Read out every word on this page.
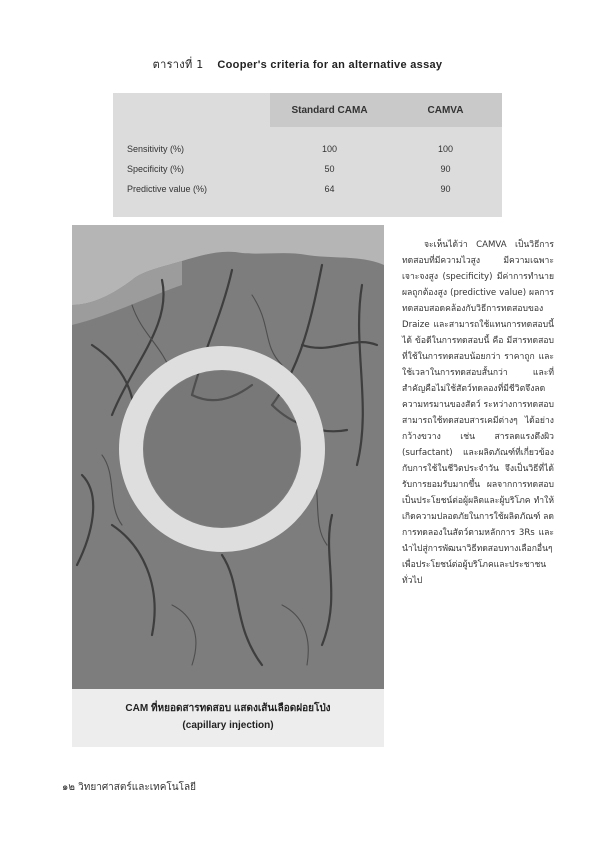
ตารางที่ 1 Cooper's criteria for an alternative assay
	Standard CAMA	CAMVA

Sensitivity (%)	100	100
Specificity (%)	50	90
Predictive value (%)	64	90

CAM ที่หยอดสารทดสอบ แสดงเส้นเลือดฝอยโป่ง
(capillary injection)
จะเห็นได้ว่า CAMVA เป็นวิธีการทดสอบที่มีความไวสูง มีความเฉพาะเจาะจงสูง (specificity) มีค่าการทำนายผลถูกต้องสูง (predictive value) ผลการทดสอบสอดคล้องกับวิธีการทดสอบของ Draize และสามารถใช้แทนการทดสอบนี้ได้ ข้อดีในการทดสอบนี้ คือ มีสารทดสอบที่ใช้ในการทดสอบน้อยกว่า ราคาถูก และใช้เวลาในการทดสอบสั้นกว่า และที่สำคัญคือไม่ใช้สัตว์ทดลองที่มีชีวิตจึงลดความทรมานของสัตว์ ระหว่างการทดสอบ สามารถใช้ทดสอบสารเคมีต่างๆ ได้อย่างกว้างขวาง เช่น สารลดแรงตึงผิว (surfactant) และผลิตภัณฑ์ที่เกี่ยวข้องกับการใช้ในชีวิตประจำวัน จึงเป็นวิธีที่ได้รับการยอมรับมากขึ้น ผลจากการทดสอบเป็นประโยชน์ต่อผู้ผลิตและผู้บริโภค ทำให้เกิดความปลอดภัยในการใช้ผลิตภัณฑ์ ลดการทดลองในสัตว์ตามหลักการ 3Rs และนำไปสู่การพัฒนาวิธีทดสอบทางเลือกอื่นๆ เพื่อประโยชน์ต่อผู้บริโภคและประชาชนทั่วไป
๑๒ วิทยาศาสตร์และเทคโนโลยี
